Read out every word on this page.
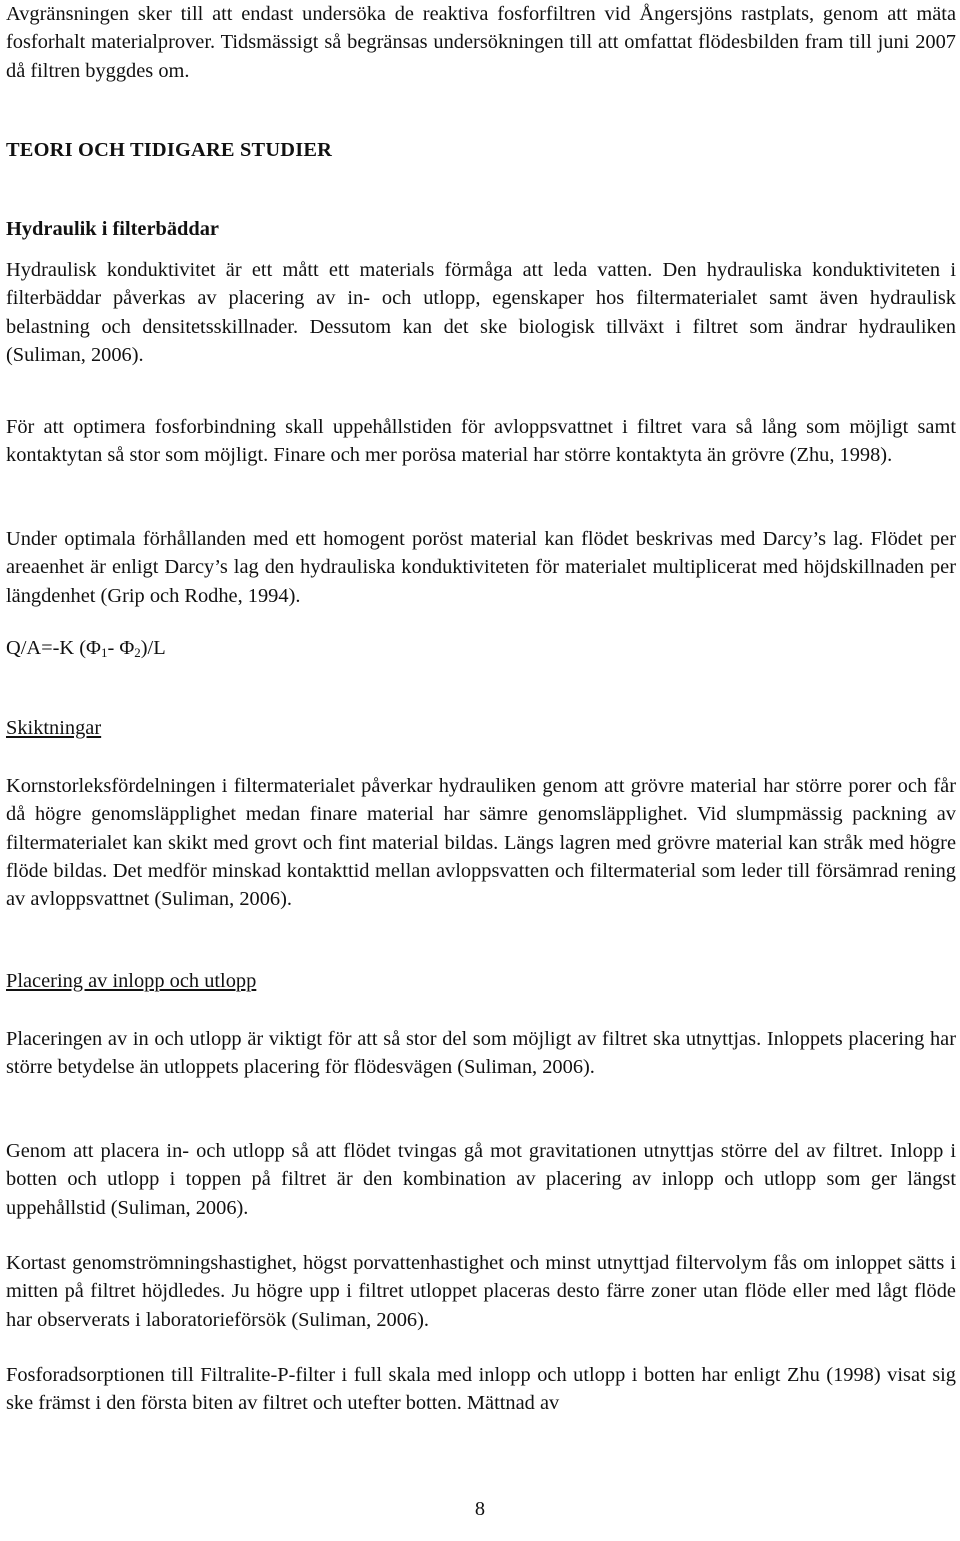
Avgränsningen sker till att endast undersöka de reaktiva fosforfiltren vid Ångersjöns rastplats, genom att mäta fosforhalt materialprover. Tidsmässigt så begränsas undersökningen till att omfattat flödesbilden fram till juni 2007 då filtren byggdes om.

TEORI OCH TIDIGARE STUDIER
Hydraulik i filterbäddar

Hydraulisk konduktivitet är ett mått ett materials förmåga att leda vatten. Den hydrauliska konduktiviteten i filterbäddar påverkas av placering av in- och utlopp, egenskaper hos filtermaterialet samt även hydraulisk belastning och densitetsskillnader. Dessutom kan det ske biologisk tillväxt i filtret som ändrar hydrauliken (Suliman, 2006).

För att optimera fosforbindning skall uppehållstiden för avloppsvattnet i filtret vara så lång som möjligt samt kontaktytan så stor som möjligt. Finare och mer porösa material har större kontaktyta än grövre (Zhu, 1998).

Under optimala förhållanden med ett homogent poröst material kan flödet beskrivas med Darcy’s lag. Flödet per areaenhet är enligt Darcy’s lag den hydrauliska konduktiviteten för materialet multiplicerat med höjdskillnaden per längdenhet (Grip och Rodhe, 1994).

Q/A=-K ($\Phi_1-$ $\Phi_2)/L$
Skiktningar

Kornstorleksfördelningen i filtermaterialet påverkar hydrauliken genom att grövre material har större porer och får då högre genomsläpplighet medan finare material har sämre genomsläpplighet. Vid slumpmässig packning av filtermaterialet kan skikt med grovt och fint material bildas. Längs lagren med grövre material kan stråk med högre flöde bildas. Det medför minskad kontakttid mellan avloppsvatten och filtermaterial som leder till försämrad rening av avloppsvattnet (Suliman, 2006).

Placering av inlopp och utlopp

Placeringen av in och utlopp är viktigt för att så stor del som möjligt av filtret ska utnyttjas. Inloppets placering har större betydelse än utloppets placering för flödesvägen (Suliman, 2006).

Genom att placera in- och utlopp så att flödet tvingas gå mot gravitationen utnyttjas större del av filtret. Inlopp i botten och utlopp i toppen på filtret är den kombination av placering av inlopp och utlopp som ger längst uppehållstid (Suliman, 2006).

Kortast genomströmningshastighet, högst porvattenhastighet och minst utnyttjad filtervolym fås om inloppet sätts i mitten på filtret höjdledes. Ju högre upp i filtret utloppet placeras desto färre zoner utan flöde eller med lågt flöde har observerats i laboratorieförsök (Suliman, 2006).

Fosforadsorptionen till Filtralite-P-filter i full skala med inlopp och utlopp i botten har enligt Zhu (1998) visat sig ske främst i den första biten av filtret och utefter botten. Mättnad av

8
